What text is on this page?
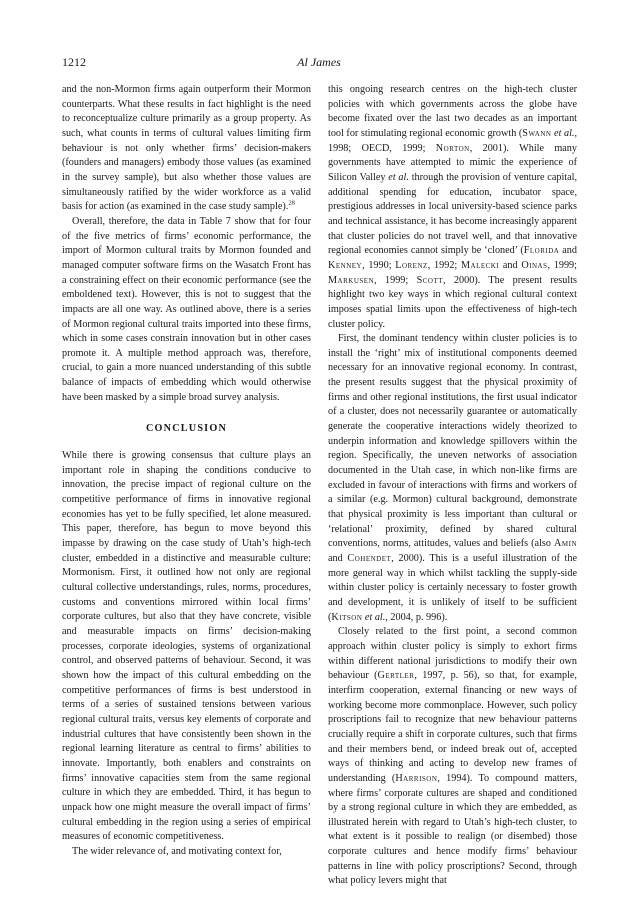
1212	Al James

and the non-Mormon firms again outperform their Mormon counterparts. What these results in fact highlight is the need to reconceptualize culture primarily as a group property. As such, what counts in terms of cultural values limiting firm behaviour is not only whether firms’ decision-makers (founders and managers) embody those values (as examined in the survey sample), but also whether those values are simultaneously ratified by the wider workforce as a valid basis for action (as examined in the case study sample).$^{28}$

Overall, therefore, the data in Table 7 show that for four of the five metrics of firms’ economic performance, the import of Mormon cultural traits by Mormon founded and managed computer software firms on the Wasatch Front has a constraining effect on their economic performance (see the emboldened text). However, this is not to suggest that the impacts are all one way. As outlined above, there is a series of Mormon regional cultural traits imported into these firms, which in some cases constrain innovation but in other cases promote it. A multiple method approach was, therefore, crucial, to gain a more nuanced understanding of this subtle balance of impacts of embedding which would otherwise have been masked by a simple broad survey analysis.

CONCLUSION

While there is growing consensus that culture plays an important role in shaping the conditions conducive to innovation, the precise impact of regional culture on the competitive performance of firms in innovative regional economies has yet to be fully specified, let alone measured. This paper, therefore, has begun to move beyond this impasse by drawing on the case study of Utah’s high-tech cluster, embedded in a distinctive and measurable culture: Mormonism. First, it outlined how not only are regional cultural collective understandings, rules, norms, procedures, customs and conventions mirrored within local firms’ corporate cultures, but also that they have concrete, visible and measurable impacts on firms’ decision-making processes, corporate ideologies, systems of organizational control, and observed patterns of behaviour. Second, it was shown how the impact of this cultural embedding on the competitive performances of firms is best understood in terms of a series of sustained tensions between various regional cultural traits, versus key elements of corporate and industrial cultures that have consistently been shown in the regional learning literature as central to firms’ abilities to innovate. Importantly, both enablers and constraints on firms’ innovative capacities stem from the same regional culture in which they are embedded. Third, it has begun to unpack how one might measure the overall impact of firms’ cultural embedding in the region using a series of empirical measures of economic competitiveness.

The wider relevance of, and motivating context for,

this ongoing research centres on the high-tech cluster policies with which governments across the globe have become fixated over the last two decades as an important tool for stimulating regional economic growth (Swann et al., 1998; OECD, 1999; Norton, 2001). While many governments have attempted to mimic the experience of Silicon Valley et al. through the provision of venture capital, additional spending for education, incubator space, prestigious addresses in local university-based science parks and technical assistance, it has become increasingly apparent that cluster policies do not travel well, and that innovative regional economies cannot simply be ‘cloned’ (Florida and Kenney, 1990; Lorenz, 1992; Malecki and Oinas, 1999; Markusen, 1999; Scott, 2000). The present results highlight two key ways in which regional cultural context imposes spatial limits upon the effectiveness of high-tech cluster policy.

First, the dominant tendency within cluster policies is to install the ‘right’ mix of institutional components deemed necessary for an innovative regional economy. In contrast, the present results suggest that the physical proximity of firms and other regional institutions, the first usual indicator of a cluster, does not necessarily guarantee or automatically generate the cooperative interactions widely theorized to underpin information and knowledge spillovers within the region. Specifically, the uneven networks of association documented in the Utah case, in which non-like firms are excluded in favour of interactions with firms and workers of a similar (e.g. Mormon) cultural background, demonstrate that physical proximity is less important than cultural or ‘relational’ proximity, defined by shared cultural conventions, norms, attitudes, values and beliefs (also Amin and Cohendet, 2000). This is a useful illustration of the more general way in which whilst tackling the supply-side within cluster policy is certainly necessary to foster growth and development, it is unlikely of itself to be sufficient (Kitson et al., 2004, p. 996).

Closely related to the first point, a second common approach within cluster policy is simply to exhort firms within different national jurisdictions to modify their own behaviour (Gertler, 1997, p. 56), so that, for example, interfirm cooperation, external financing or new ways of working become more commonplace. However, such policy proscriptions fail to recognize that new behaviour patterns crucially require a shift in corporate cultures, such that firms and their members bend, or indeed break out of, accepted ways of thinking and acting to develop new frames of understanding (Harrison, 1994). To compound matters, where firms’ corporate cultures are shaped and conditioned by a strong regional culture in which they are embedded, as illustrated herein with regard to Utah’s high-tech cluster, to what extent is it possible to realign (or disembed) those corporate cultures and hence modify firms’ behaviour patterns in line with policy proscriptions? Second, through what policy levers might that
